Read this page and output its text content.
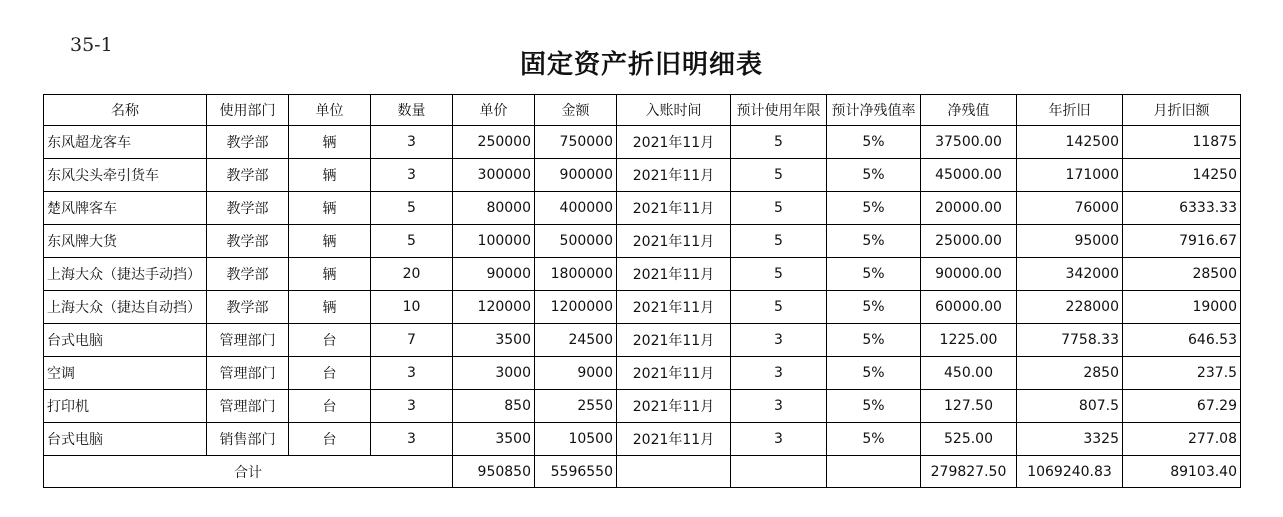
35-1
固定资产折旧明细表
名称	使用部门	单位	数量	单价	金额	入账时间	预计使用年限	预计净残值率	净残值	年折旧	月折旧额
东风超龙客车	教学部	辆	3	250000	750000	2021年11月	5	5%	37500.00	142500	11875
东风尖头牵引货车	教学部	辆	3	300000	900000	2021年11月	5	5%	45000.00	171000	14250
楚风牌客车	教学部	辆	5	80000	400000	2021年11月	5	5%	20000.00	76000	6333.33
东风牌大货	教学部	辆	5	100000	500000	2021年11月	5	5%	25000.00	95000	7916.67
上海大众（捷达手动挡）	教学部	辆	20	90000	1800000	2021年11月	5	5%	90000.00	342000	28500
上海大众（捷达自动挡）	教学部	辆	10	120000	1200000	2021年11月	5	5%	60000.00	228000	19000
台式电脑	管理部门	台	7	3500	24500	2021年11月	3	5%	1225.00	7758.33	646.53
空调	管理部门	台	3	3000	9000	2021年11月	3	5%	450.00	2850	237.5
打印机	管理部门	台	3	850	2550	2021年11月	3	5%	127.50	807.5	67.29
台式电脑	销售部门	台	3	3500	10500	2021年11月	3	5%	525.00	3325	277.08
合计				950850	5596550				279827.50	1069240.83	89103.40
